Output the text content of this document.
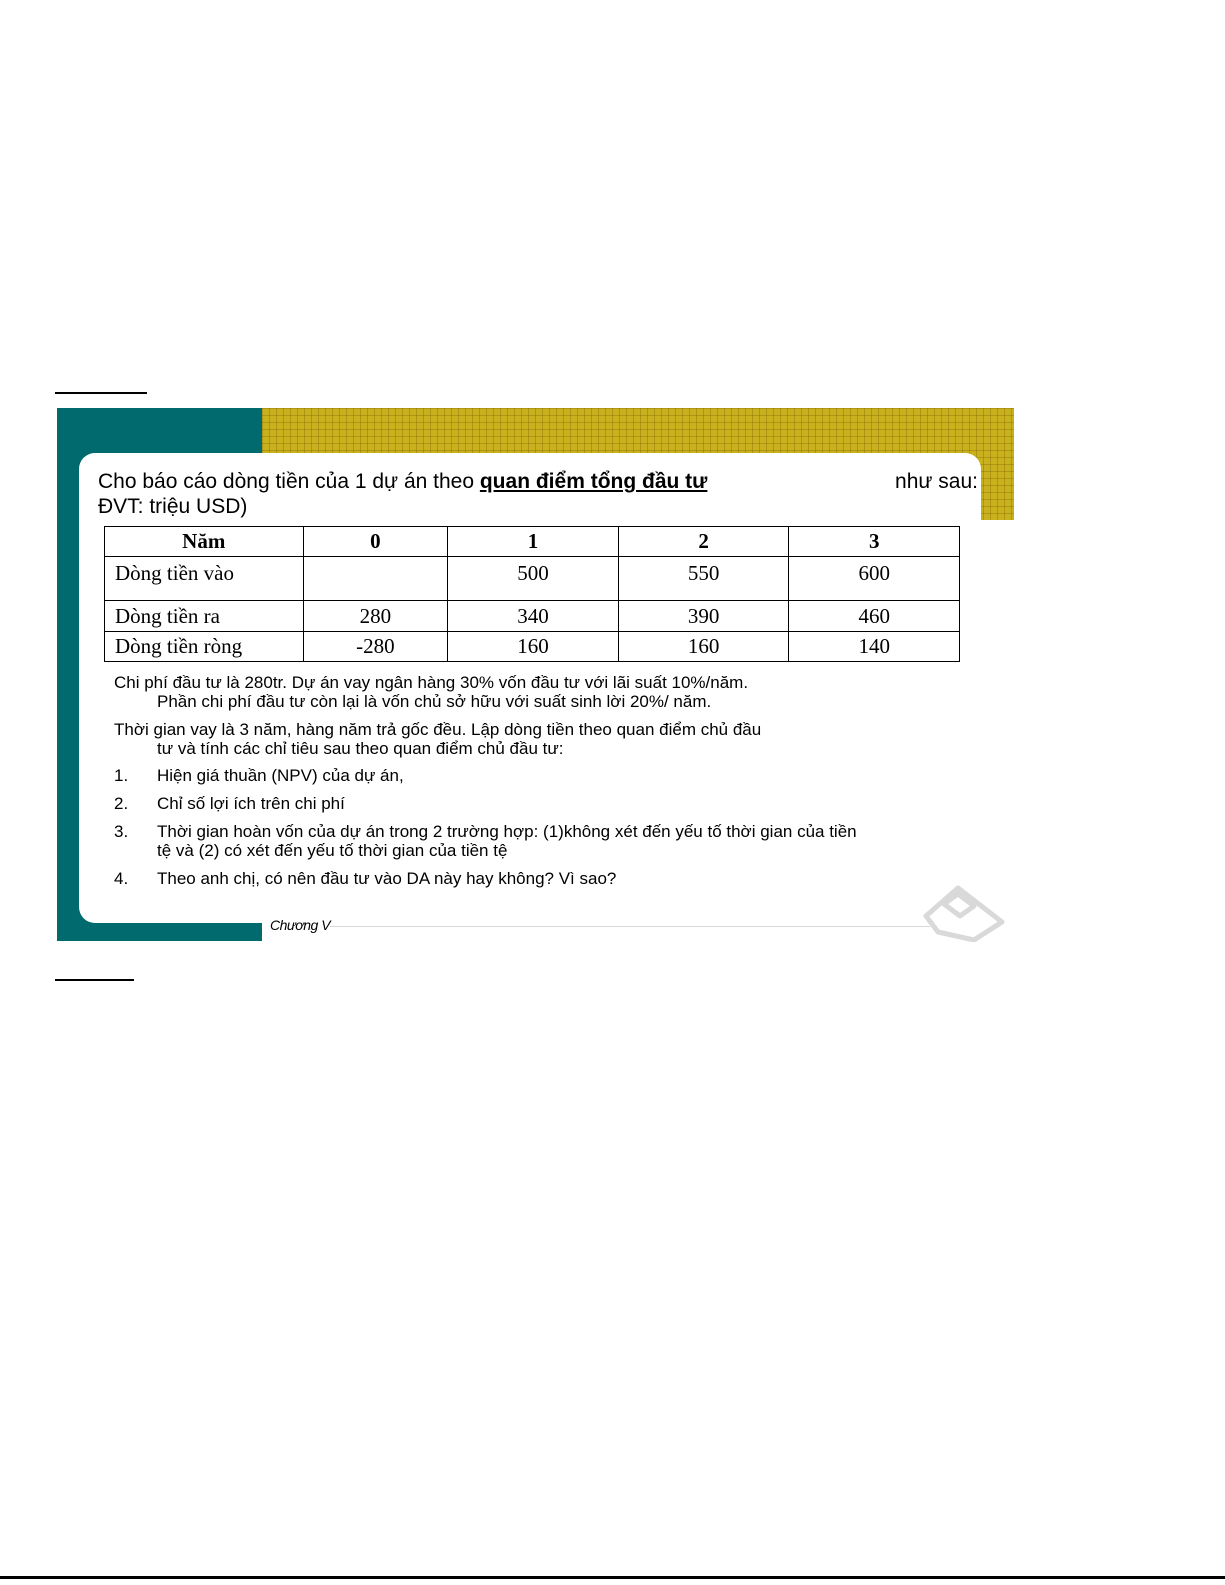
Cho báo cáo dòng tiền của 1 dự án theo quan điểm tổng đầu tư	như sau:

ĐVT: triệu USD)
Năm	0	1	2	3
Dòng tiền vào		500	550	600
Dòng tiền ra	280	340	390	460
Dòng tiền ròng	-280	160	160	140

Chi phí đầu tư là 280tr. Dự án vay ngân hàng 30% vốn đầu tư với lãi suất 10%/năm.
Phần chi phí đầu tư còn lại là vốn chủ sở hữu với suất sinh lời 20%/ năm.

Thời gian vay là 3 năm, hàng năm trả gốc đều. Lập dòng tiền theo quan điểm chủ đầu
tư và tính các chỉ tiêu sau theo quan điểm chủ đầu tư:

1. Hiện giá thuần (NPV) của dự án,
2. Chỉ số lợi ích trên chi phí
3. Thời gian hoàn vốn của dự án trong 2 trường hợp: (1)không xét đến yếu tố thời gian của tiền tệ và (2) có xét đến yếu tố thời gian của tiền tệ
4. Theo anh chị, có nên đầu tư vào DA này hay không? Vì sao?
Chương V
